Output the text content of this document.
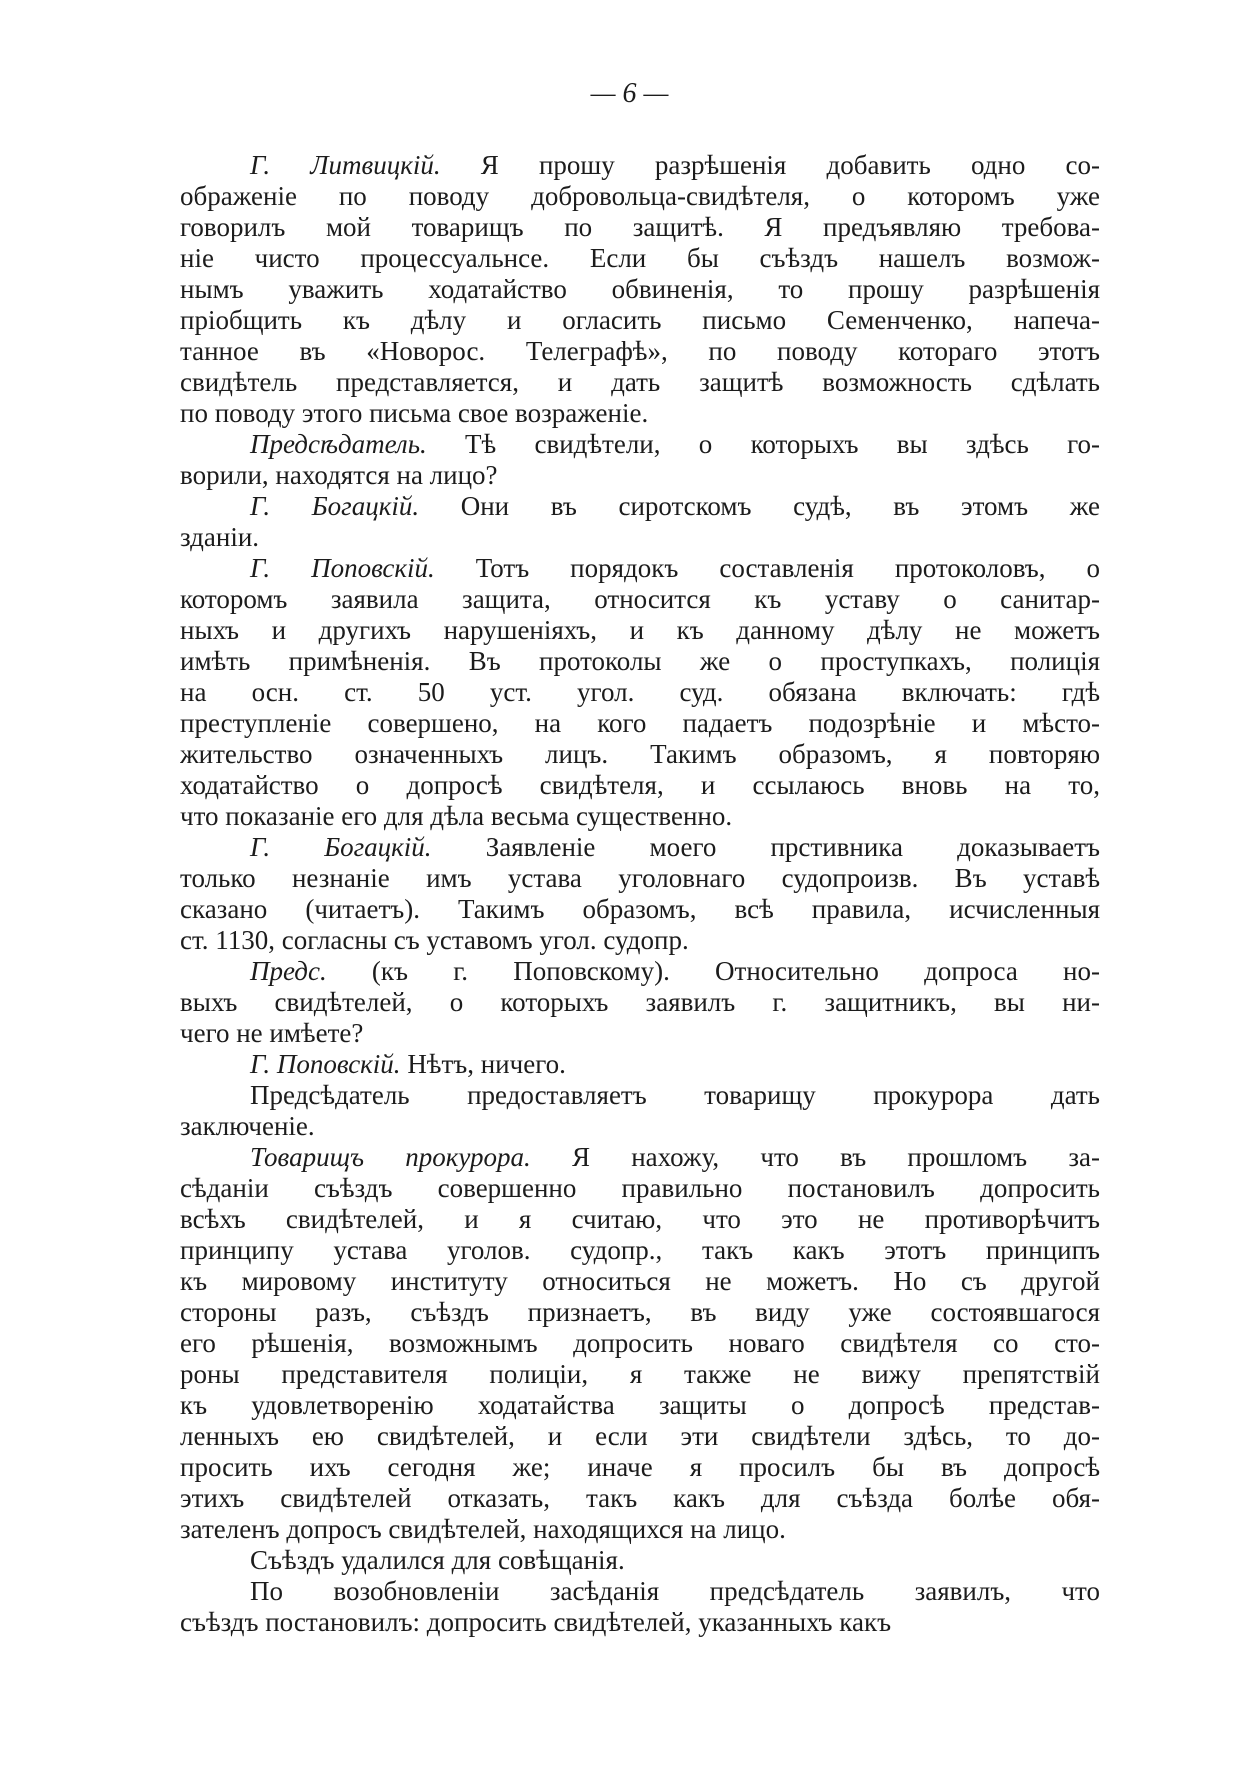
— 6 —

Г. Литвицкій. Я прошу разрѣшенія добавить одно со-
ображеніе по поводу добровольца-свидѣтеля, о которомъ уже
говорилъ мой товарищъ по защитѣ. Я предъявляю требова-
ніе чисто процессуальнсе. Если бы съѣздъ нашелъ возмож-
нымъ уважить ходатайство обвиненія, то прошу разрѣшенія
пріобщить къ дѣлу и огласить письмо Семенченко, напеча-
танное въ «Новорос. Телеграфѣ», по поводу котораго этотъ
свидѣтель представляется, и дать защитѣ возможность сдѣлать
по поводу этого письма свое возраженіе.

Предсѣдатель. Тѣ свидѣтели, о которыхъ вы здѣсь го-
ворили, находятся на лицо?

Г. Богацкій. Они въ сиротскомъ судѣ, въ этомъ же
зданіи.

Г. Поповскій. Тотъ порядокъ составленія протоколовъ, о
которомъ заявила защита, относится къ уставу о санитар-
ныхъ и другихъ нарушеніяхъ, и къ данному дѣлу не можетъ
имѣть примѣненія. Въ протоколы же о проступкахъ, полиція
на осн. ст. 50 уст. угол. суд. обязана включать: гдѣ
преступленіе совершено, на кого падаетъ подозрѣніе и мѣсто-
жительство означенныхъ лицъ. Такимъ образомъ, я повторяю
ходатайство о допросѣ свидѣтеля, и ссылаюсь вновь на то,
что показаніе его для дѣла весьма существенно.

Г. Богацкій. Заявленіе моего прстивника доказываетъ
только незнаніе имъ устава уголовнаго судопроизв. Въ уставѣ
сказано (читаетъ). Такимъ образомъ, всѣ правила, исчисленныя
ст. 1130, согласны съ уставомъ угол. судопр.

Предс. (къ г. Поповскому). Относительно допроса но-
выхъ свидѣтелей, о которыхъ заявилъ г. защитникъ, вы ни-
чего не имѣете?

Г. Поповскій. Нѣтъ, ничего.

Предсѣдатель предоставляетъ товарищу прокурора дать
заключеніе.

Товарищъ прокурора. Я нахожу, что въ прошломъ за-
сѣданіи съѣздъ совершенно правильно постановилъ допросить
всѣхъ свидѣтелей, и я считаю, что это не противорѣчитъ
принципу устава уголов. судопр., такъ какъ этотъ принципъ
къ мировому институту относиться не можетъ. Но съ другой
стороны разъ, съѣздъ признаетъ, въ виду уже состоявшагося
его рѣшенія, возможнымъ допросить новаго свидѣтеля со сто-
роны представителя полиціи, я также не вижу препятствій
къ удовлетворенію ходатайства защиты о допросѣ представ-
ленныхъ ею свидѣтелей, и если эти свидѣтели здѣсь, то до-
просить ихъ сегодня же; иначе я просилъ бы въ допросѣ
этихъ свидѣтелей отказать, такъ какъ для съѣзда болѣе обя-
зателенъ допросъ свидѣтелей, находящихся на лицо.

Съѣздъ удалился для совѣщанія.

По возобновленіи засѣданія предсѣдатель заявилъ, что
съѣздъ постановилъ: допросить свидѣтелей, указанныхъ какъ
